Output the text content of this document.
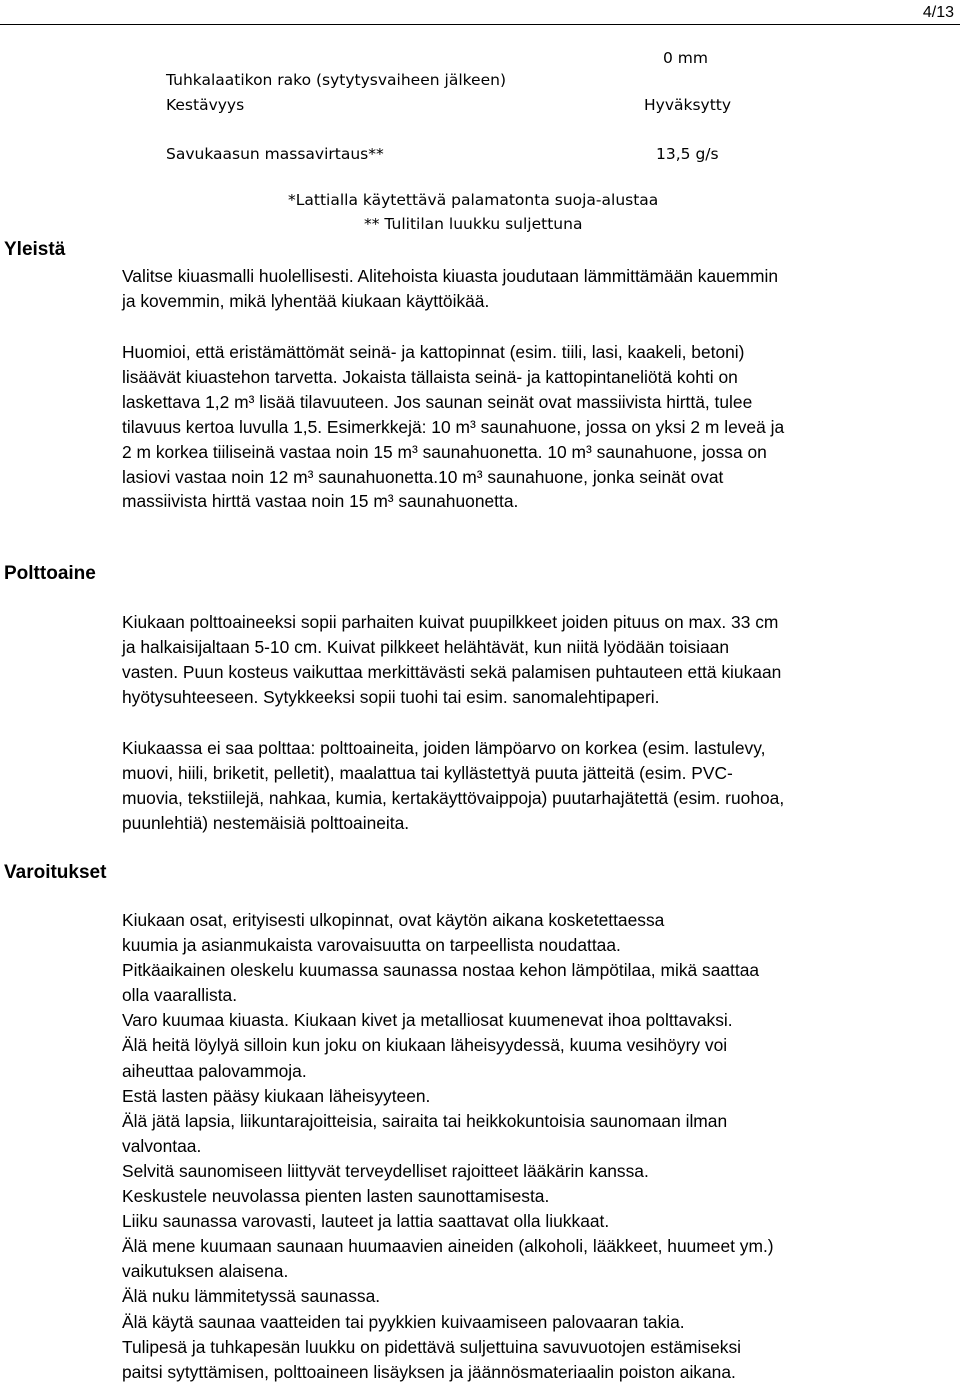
4/13
Tuhkalaatikon rako (sytytysvaiheen jälkeen)
0 mm
Kestävyys	Hyväksytty
Savukaasun massavirtaus**	13,5 g/s
*Lattialla käytettävä palamatonta suoja-alustaa
** Tulitilan luukku suljettuna
Yleistä
Polttoaine
Varoitukset
Valitse kiuasmalli huolellisesti. Alitehoista kiuasta joudutaan lämmittämään kauemmin
ja kovemmin, mikä lyhentää kiukaan käyttöikää.
Huomioi, että eristämättömät seinä- ja kattopinnat (esim. tiili, lasi, kaakeli, betoni)
lisäävät kiuastehon tarvetta. Jokaista tällaista seinä- ja kattopintaneliötä kohti on
laskettava 1,2 m³ lisää tilavuuteen. Jos saunan seinät ovat massiivista hirttä, tulee
tilavuus kertoa luvulla 1,5. Esimerkkejä: 10 m³ saunahuone, jossa on yksi 2 m leveä ja
2 m korkea tiiliseinä vastaa noin 15 m³ saunahuonetta. 10 m³ saunahuone, jossa on
lasiovi vastaa noin 12 m³ saunahuonetta.10 m³ saunahuone, jonka seinät ovat
massiivista hirttä vastaa noin 15 m³ saunahuonetta.
Kiukaan polttoaineeksi sopii parhaiten kuivat puupilkkeet joiden pituus on max. 33 cm
ja halkaisijaltaan 5-10 cm. Kuivat pilkkeet helähtävät, kun niitä lyödään toisiaan
vasten. Puun kosteus vaikuttaa merkittävästi sekä palamisen puhtauteen että kiukaan
hyötysuhteeseen. Sytykkeeksi sopii tuohi tai esim. sanomalehtipaperi.
Kiukaassa ei saa polttaa: polttoaineita, joiden lämpöarvo on korkea (esim. lastulevy,
muovi, hiili, briketit, pelletit), maalattua tai kyllästettyä puuta jätteitä (esim. PVC-
muovia, tekstiilejä, nahkaa, kumia, kertakäyttövaippoja) puutarhajätettä (esim. ruohoa,
puunlehtiä) nestemäisiä polttoaineita.
Kiukaan osat, erityisesti ulkopinnat, ovat käytön aikana kosketettaessa
kuumia ja asianmukaista varovaisuutta on tarpeellista noudattaa.
Pitkäaikainen oleskelu kuumassa saunassa nostaa kehon lämpötilaa, mikä saattaa
olla vaarallista.
Varo kuumaa kiuasta. Kiukaan kivet ja metalliosat kuumenevat ihoa polttavaksi.
Älä heitä löylyä silloin kun joku on kiukaan läheisyydessä, kuuma vesihöyry voi
aiheuttaa palovammoja.
Estä lasten pääsy kiukaan läheisyyteen.
Älä jätä lapsia, liikuntarajoitteisia, sairaita tai heikkokuntoisia saunomaan ilman
valvontaa.
Selvitä saunomiseen liittyvät terveydelliset rajoitteet lääkärin kanssa.
Keskustele neuvolassa pienten lasten saunottamisesta.
Liiku saunassa varovasti, lauteet ja lattia saattavat olla liukkaat.
Älä mene kuumaan saunaan huumaavien aineiden (alkoholi, lääkkeet, huumeet ym.)
vaikutuksen alaisena.
Älä nuku lämmitetyssä saunassa.
Älä käytä saunaa vaatteiden tai pyykkien kuivaamiseen palovaaran takia.
Tulipesä ja tuhkapesän luukku on pidettävä suljettuina savuvuotojen estämiseksi
paitsi sytyttämisen, polttoaineen lisäyksen ja jäännösmateriaalin poiston aikana.
